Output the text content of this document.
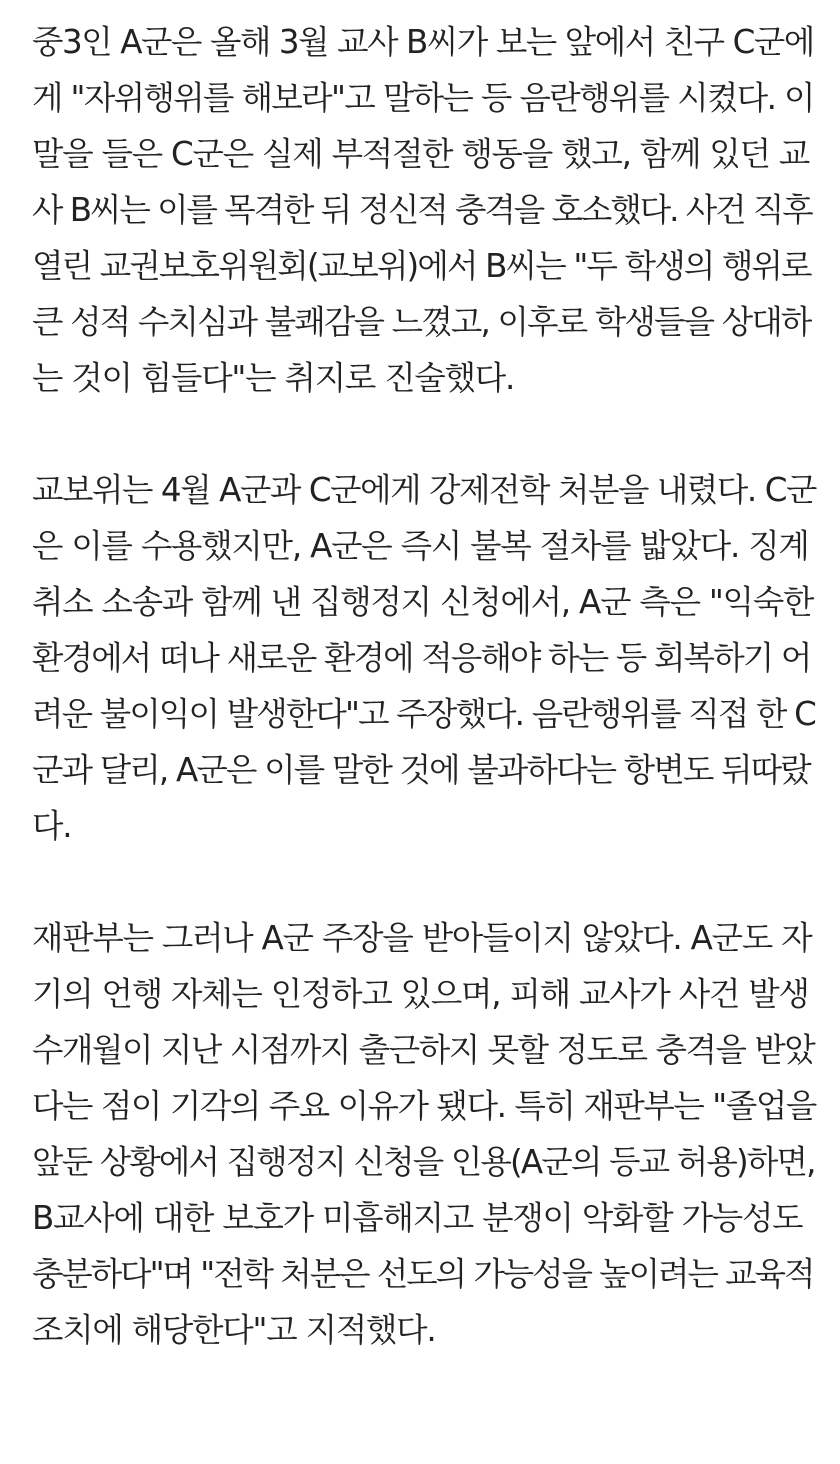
중3인 A군은 올해 3월 교사 B씨가 보는 앞에서 친구 C군에
게 "자위행위를 해보라"고 말하는 등 음란행위를 시켰다. 이
말을 들은 C군은 실제 부적절한 행동을 했고, 함께 있던 교
사 B씨는 이를 목격한 뒤 정신적 충격을 호소했다. 사건 직후
열린 교권보호위원회(교보위)에서 B씨는 "두 학생의 행위로
큰 성적 수치심과 불쾌감을 느꼈고, 이후로 학생들을 상대하
는 것이 힘들다"는 취지로 진술했다.

교보위는 4월 A군과 C군에게 강제전학 처분을 내렸다. C군
은 이를 수용했지만, A군은 즉시 불복 절차를 밟았다. 징계
취소 소송과 함께 낸 집행정지 신청에서, A군 측은 "익숙한
환경에서 떠나 새로운 환경에 적응해야 하는 등 회복하기 어
려운 불이익이 발생한다"고 주장했다. 음란행위를 직접 한 C
군과 달리, A군은 이를 말한 것에 불과하다는 항변도 뒤따랐
다.

재판부는 그러나 A군 주장을 받아들이지 않았다. A군도 자
기의 언행 자체는 인정하고 있으며, 피해 교사가 사건 발생
수개월이 지난 시점까지 출근하지 못할 정도로 충격을 받았
다는 점이 기각의 주요 이유가 됐다. 특히 재판부는 "졸업을
앞둔 상황에서 집행정지 신청을 인용(A군의 등교 허용)하면,
B교사에 대한 보호가 미흡해지고 분쟁이 악화할 가능성도
충분하다"며 "전학 처분은 선도의 가능성을 높이려는 교육적
조치에 해당한다"고 지적했다.
